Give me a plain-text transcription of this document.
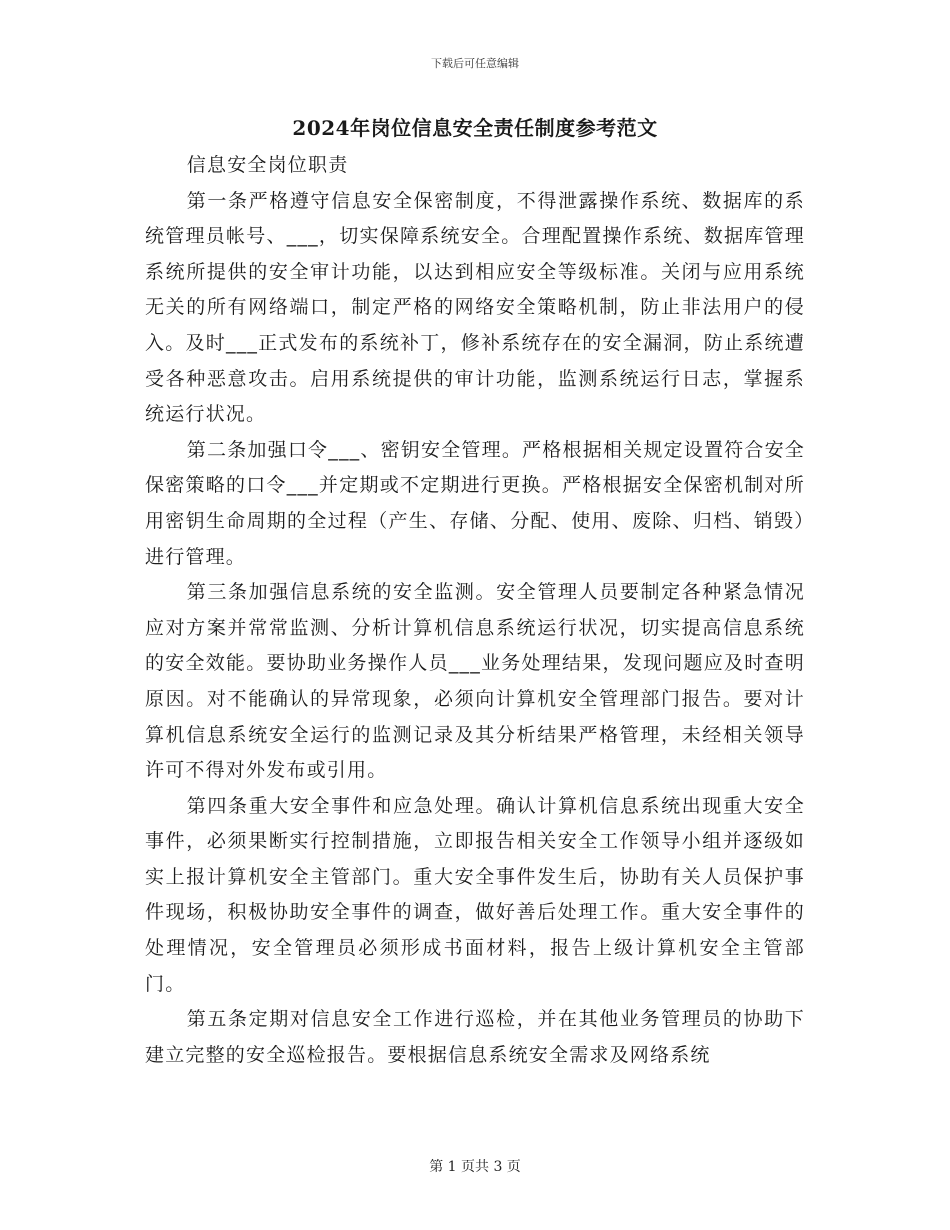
下载后可任意编辑
2024年岗位信息安全责任制度参考范文

信息安全岗位职责

第一条严格遵守信息安全保密制度，不得泄露操作系统、数据库的系统管理员帐号、___，切实保障系统安全。合理配置操作系统、数据库管理系统所提供的安全审计功能，以达到相应安全等级标准。关闭与应用系统无关的所有网络端口，制定严格的网络安全策略机制，防止非法用户的侵入。及时___正式发布的系统补丁，修补系统存在的安全漏洞，防止系统遭受各种恶意攻击。启用系统提供的审计功能，监测系统运行日志，掌握系统运行状况。

第二条加强口令___、密钥安全管理。严格根据相关规定设置符合安全保密策略的口令___并定期或不定期进行更换。严格根据安全保密机制对所用密钥生命周期的全过程（产生、存储、分配、使用、废除、归档、销毁）进行管理。

第三条加强信息系统的安全监测。安全管理人员要制定各种紧急情况应对方案并常常监测、分析计算机信息系统运行状况，切实提高信息系统的安全效能。要协助业务操作人员___业务处理结果，发现问题应及时查明原因。对不能确认的异常现象，必须向计算机安全管理部门报告。要对计算机信息系统安全运行的监测记录及其分析结果严格管理，未经相关领导许可不得对外发布或引用。

第四条重大安全事件和应急处理。确认计算机信息系统出现重大安全事件，必须果断实行控制措施，立即报告相关安全工作领导小组并逐级如实上报计算机安全主管部门。重大安全事件发生后，协助有关人员保护事件现场，积极协助安全事件的调查，做好善后处理工作。重大安全事件的处理情况，安全管理员必须形成书面材料，报告上级计算机安全主管部门。

第五条定期对信息安全工作进行巡检，并在其他业务管理员的协助下建立完整的安全巡检报告。要根据信息系统安全需求及网络系统

第 1 页共 3 页
